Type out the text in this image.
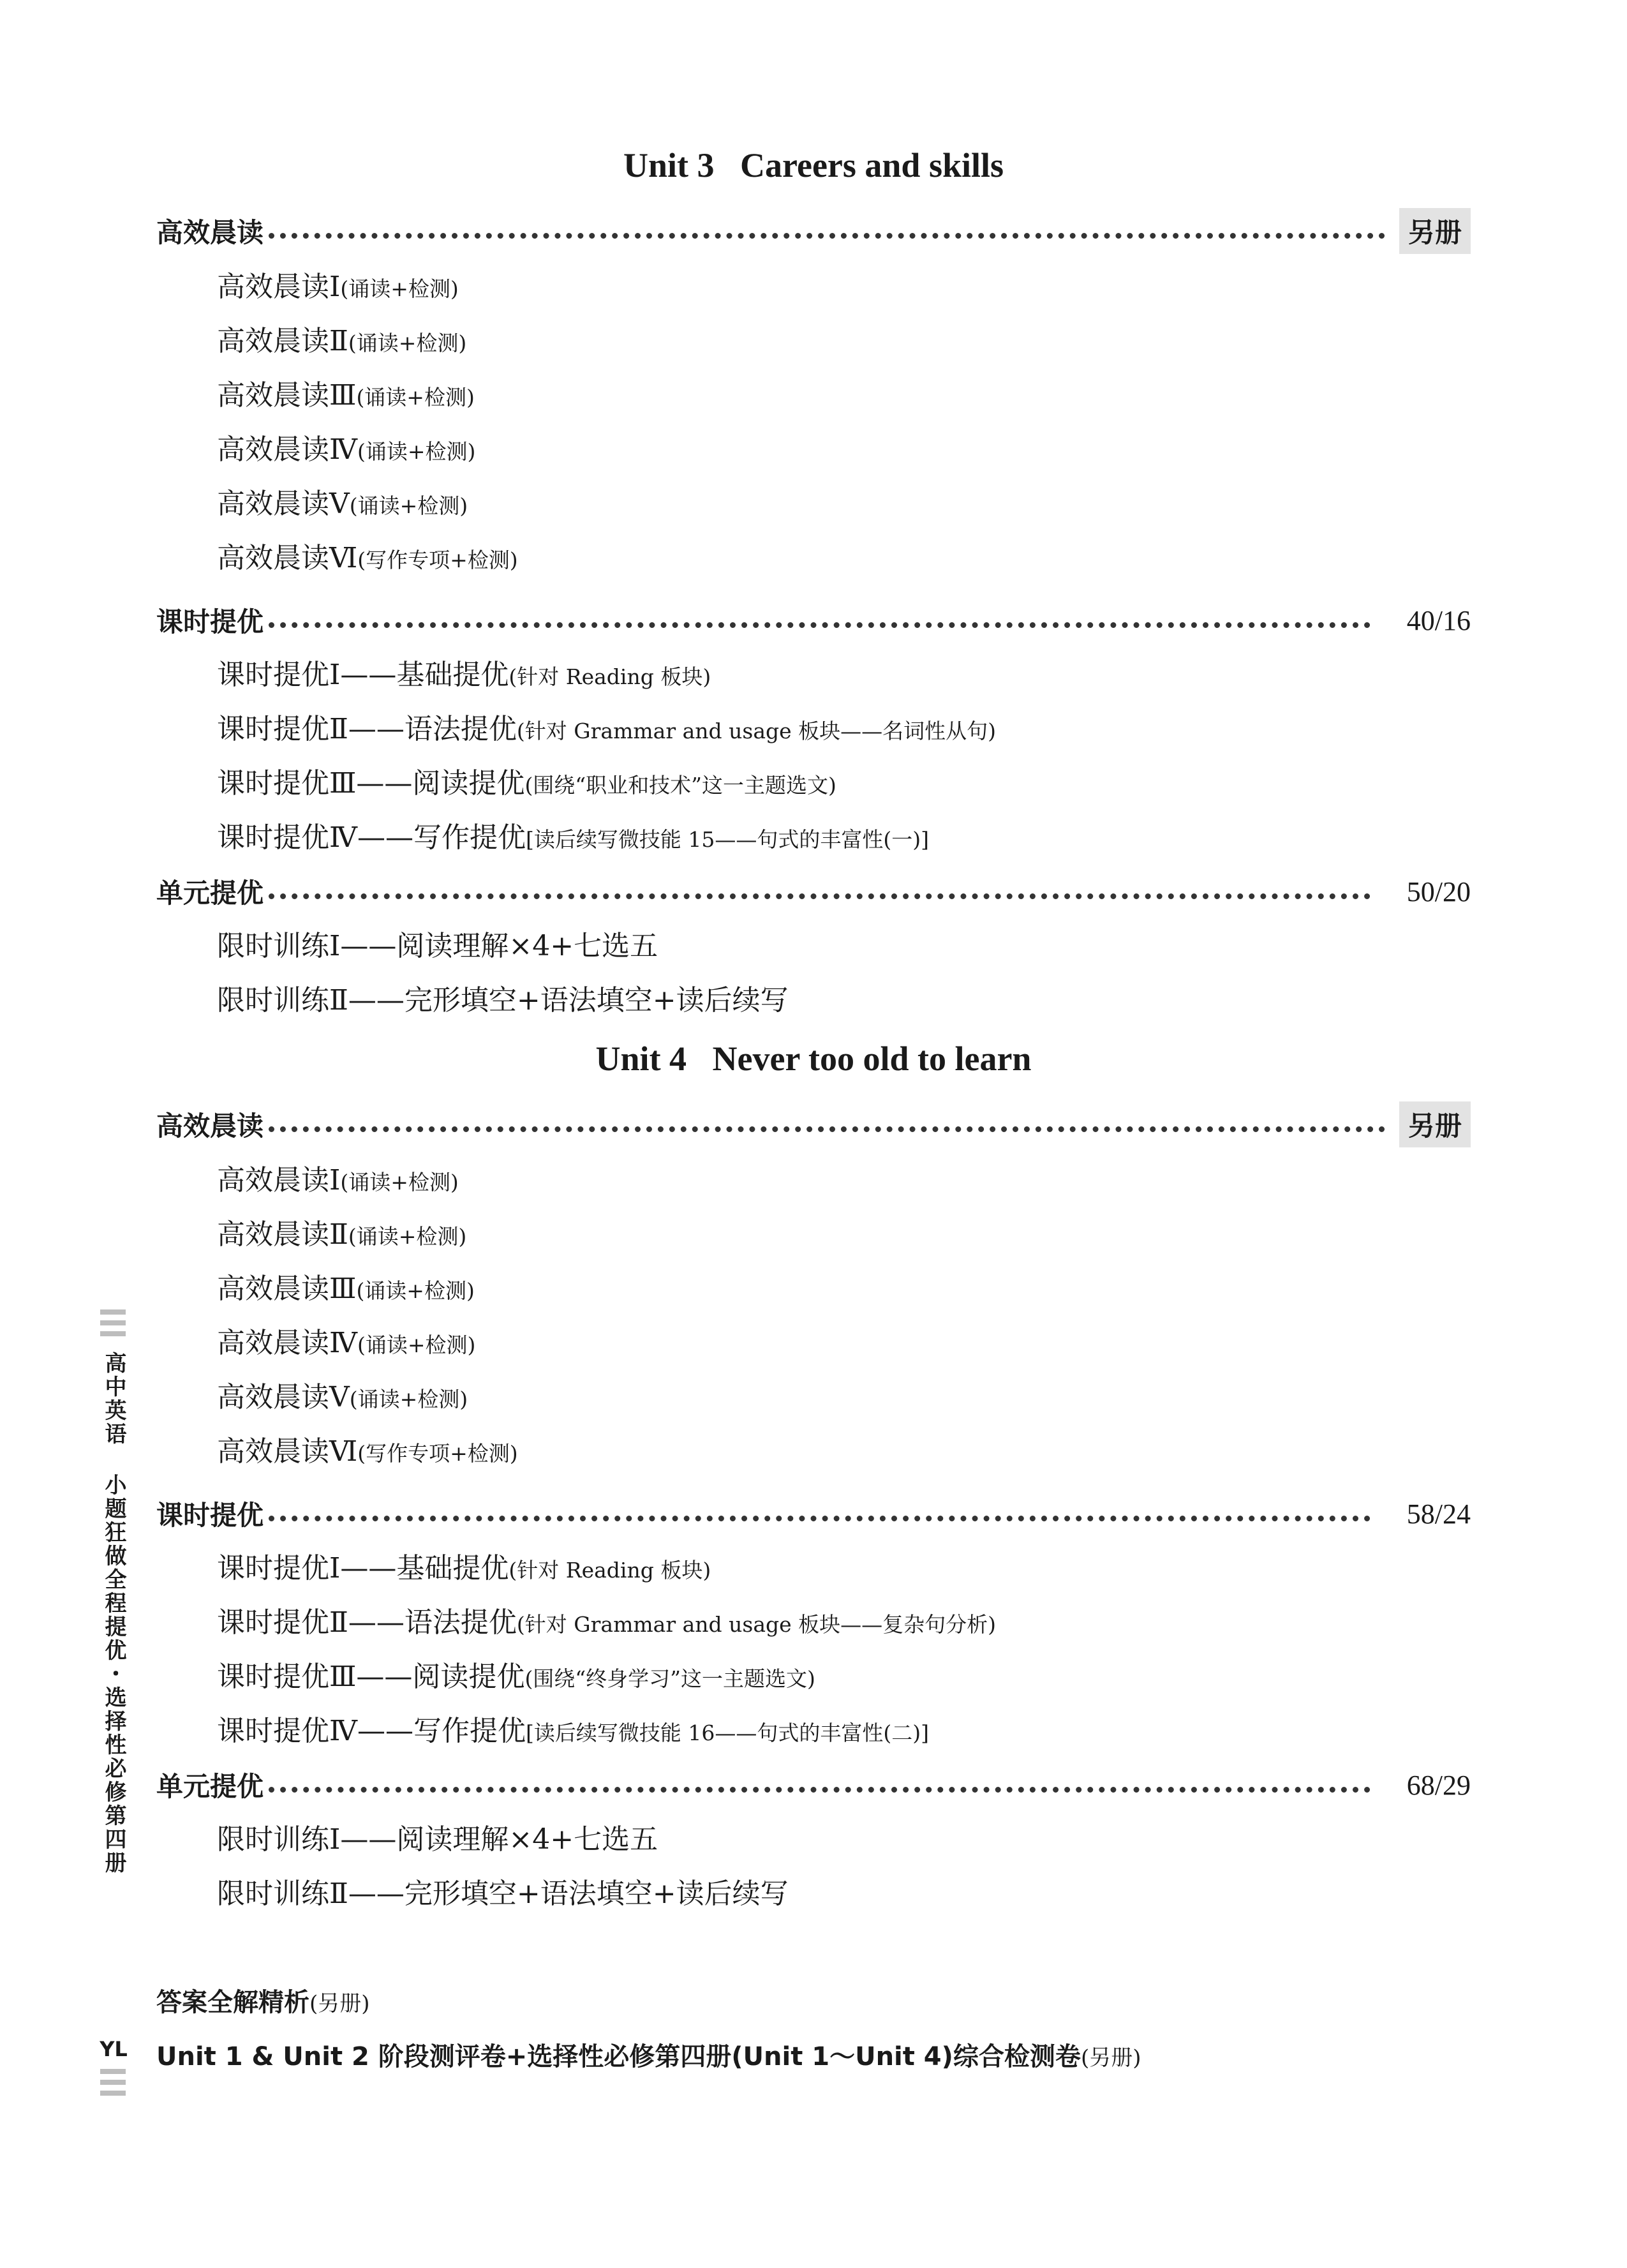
Unit 3   Careers and skills
高效晨读	另册
高效晨读Ⅰ(诵读+检测)
高效晨读Ⅱ(诵读+检测)
高效晨读Ⅲ(诵读+检测)
高效晨读Ⅳ(诵读+检测)
高效晨读Ⅴ(诵读+检测)
高效晨读Ⅵ(写作专项+检测)
课时提优	40/16
课时提优Ⅰ——基础提优(针对 Reading 板块)
课时提优Ⅱ——语法提优(针对 Grammar and usage 板块——名词性从句)
课时提优Ⅲ——阅读提优(围绕“职业和技术”这一主题选文)
课时提优Ⅳ——写作提优[读后续写微技能 15——句式的丰富性(一)]
单元提优	50/20
限时训练Ⅰ——阅读理解×4+七选五
限时训练Ⅱ——完形填空+语法填空+读后续写
Unit 4   Never too old to learn
高效晨读	另册
高效晨读Ⅰ(诵读+检测)
高效晨读Ⅱ(诵读+检测)
高效晨读Ⅲ(诵读+检测)
高效晨读Ⅳ(诵读+检测)
高效晨读Ⅴ(诵读+检测)
高效晨读Ⅵ(写作专项+检测)
课时提优	58/24
课时提优Ⅰ——基础提优(针对 Reading 板块)
课时提优Ⅱ——语法提优(针对 Grammar and usage 板块——复杂句分析)
课时提优Ⅲ——阅读提优(围绕“终身学习”这一主题选文)
课时提优Ⅳ——写作提优[读后续写微技能 16——句式的丰富性(二)]
单元提优	68/29
限时训练Ⅰ——阅读理解×4+七选五
限时训练Ⅱ——完形填空+语法填空+读后续写
答案全解精析(另册)
Unit 1 & Unit 2 阶段测评卷+选择性必修第四册(Unit 1～Unit 4)综合检测卷(另册)
高中英语 小题狂做全程提优・选择性必修第四册
YL
